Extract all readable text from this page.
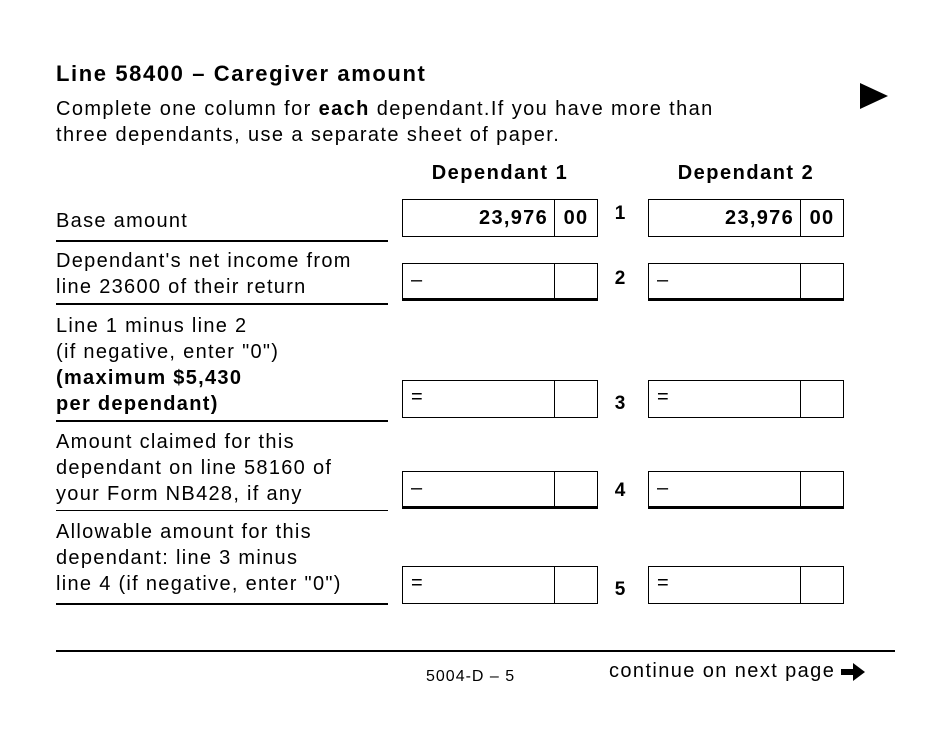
Line 58400 – Caregiver amount
Complete one column for each dependant.If you have more than
three dependants, use a separate sheet of paper.
Dependant 1	Dependant 2
Base amount	23,976 00	1	23,976 00
Dependant's net income from
line 23600 of their return	–	2 –
Line 1 minus line 2
(if negative, enter "0")
(maximum $5,430
per dependant)	=	3 =
Amount claimed for this
dependant on line 58160 of
your Form NB428, if any	–	4 –
Allowable amount for this
dependant: line 3 minus
line 4 (if negative, enter "0")	=	5 =
5004-D – 5	continue on next page
